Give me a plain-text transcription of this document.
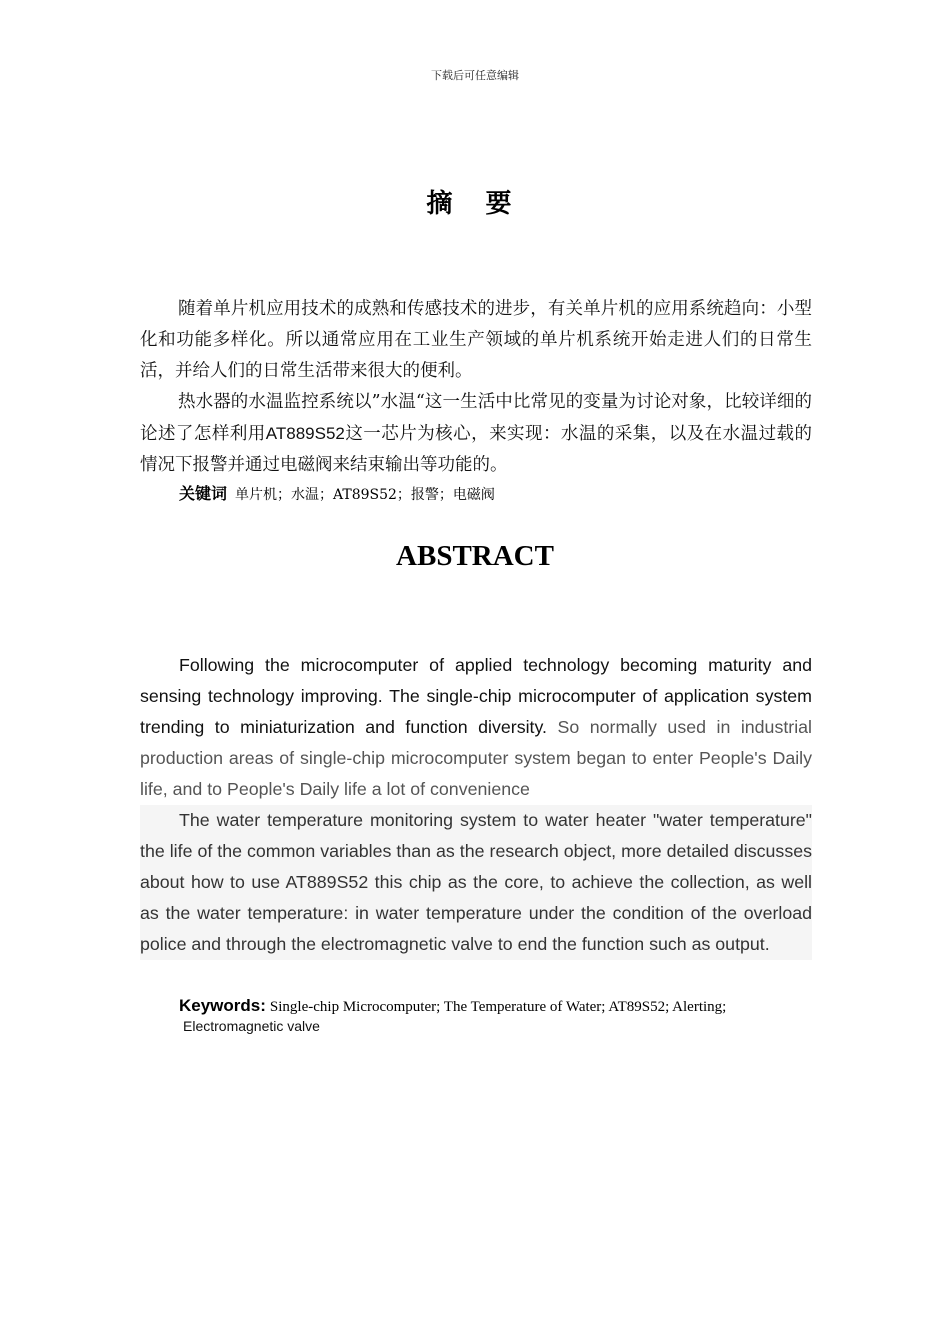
下载后可任意编辑
摘 要

随着单片机应用技术的成熟和传感技术的进步，有关单片机的应用系统趋向：小型化和功能多样化。所以通常应用在工业生产领域的单片机系统开始走进人们的日常生活，并给人们的日常生活带来很大的便利。

热水器的水温监控系统以”水温“这一生活中比常见的变量为讨论对象，比较详细的论述了怎样利用AT889S52这一芯片为核心，来实现：水温的采集，以及在水温过载的情况下报警并通过电磁阀来结束输出等功能的。

关键词 单片机；水温；AT89S52；报警；电磁阀
ABSTRACT

Following the microcomputer of applied technology becoming maturity and sensing technology improving. The single-chip microcomputer of application system trending to miniaturization and function diversity. So normally used in industrial production areas of single-chip microcomputer system began to enter People's Daily life, and to People's Daily life a lot of convenience

The water temperature monitoring system to water heater "water temperature" the life of the common variables than as the research object, more detailed discusses about how to use AT889S52 this chip as the core, to achieve the collection, as well as the water temperature: in water temperature under the condition of the overload police and through the electromagnetic valve to end the function such as output.

Keywords: Single-chip Microcomputer; The Temperature of Water; AT89S52; Alerting;
Electromagnetic valve
